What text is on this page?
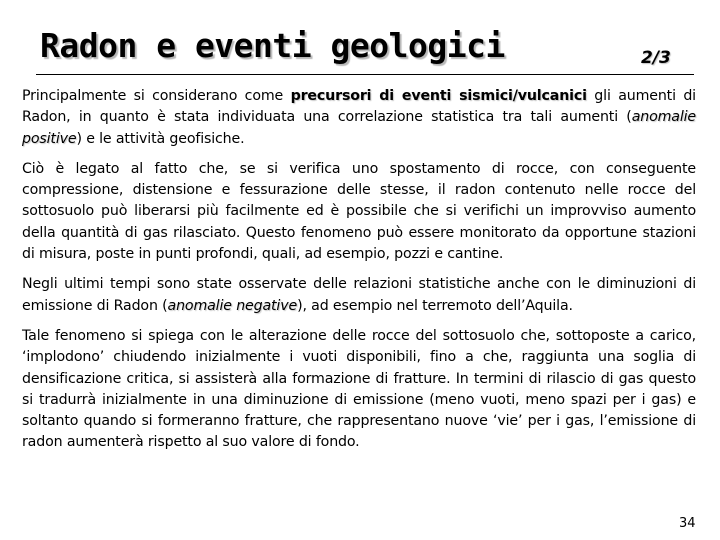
Radon e eventi geologici	2/3

Principalmente si considerano come precursori di eventi sismici/vulcanici gli aumenti di Radon, in quanto è stata individuata una correlazione statistica tra tali aumenti (anomalie positive) e le attività geofisiche.

Ciò è legato al fatto che, se si verifica uno spostamento di rocce, con conseguente compressione, distensione e fessurazione delle stesse, il radon contenuto nelle rocce del sottosuolo può liberarsi più facilmente ed è possibile che si verifichi un improvviso aumento della quantità di gas rilasciato. Questo fenomeno può essere monitorato da opportune stazioni di misura, poste in punti profondi, quali, ad esempio, pozzi e cantine.

Negli ultimi tempi sono state osservate delle relazioni statistiche anche con le diminuzioni di emissione di Radon (anomalie negative), ad esempio nel terremoto dell’Aquila.

Tale fenomeno si spiega con le alterazione delle rocce del sottosuolo che, sottoposte a carico, ‘implodono’ chiudendo inizialmente i vuoti disponibili, fino a che, raggiunta una soglia di densificazione critica, si assisterà alla formazione di fratture. In termini di rilascio di gas questo si tradurrà inizialmente in una diminuzione di emissione (meno vuoti, meno spazi per i gas) e soltanto quando si formeranno fratture, che rappresentano nuove ‘vie’ per i gas, l’emissione di radon aumenterà rispetto al suo valore di fondo.

34
